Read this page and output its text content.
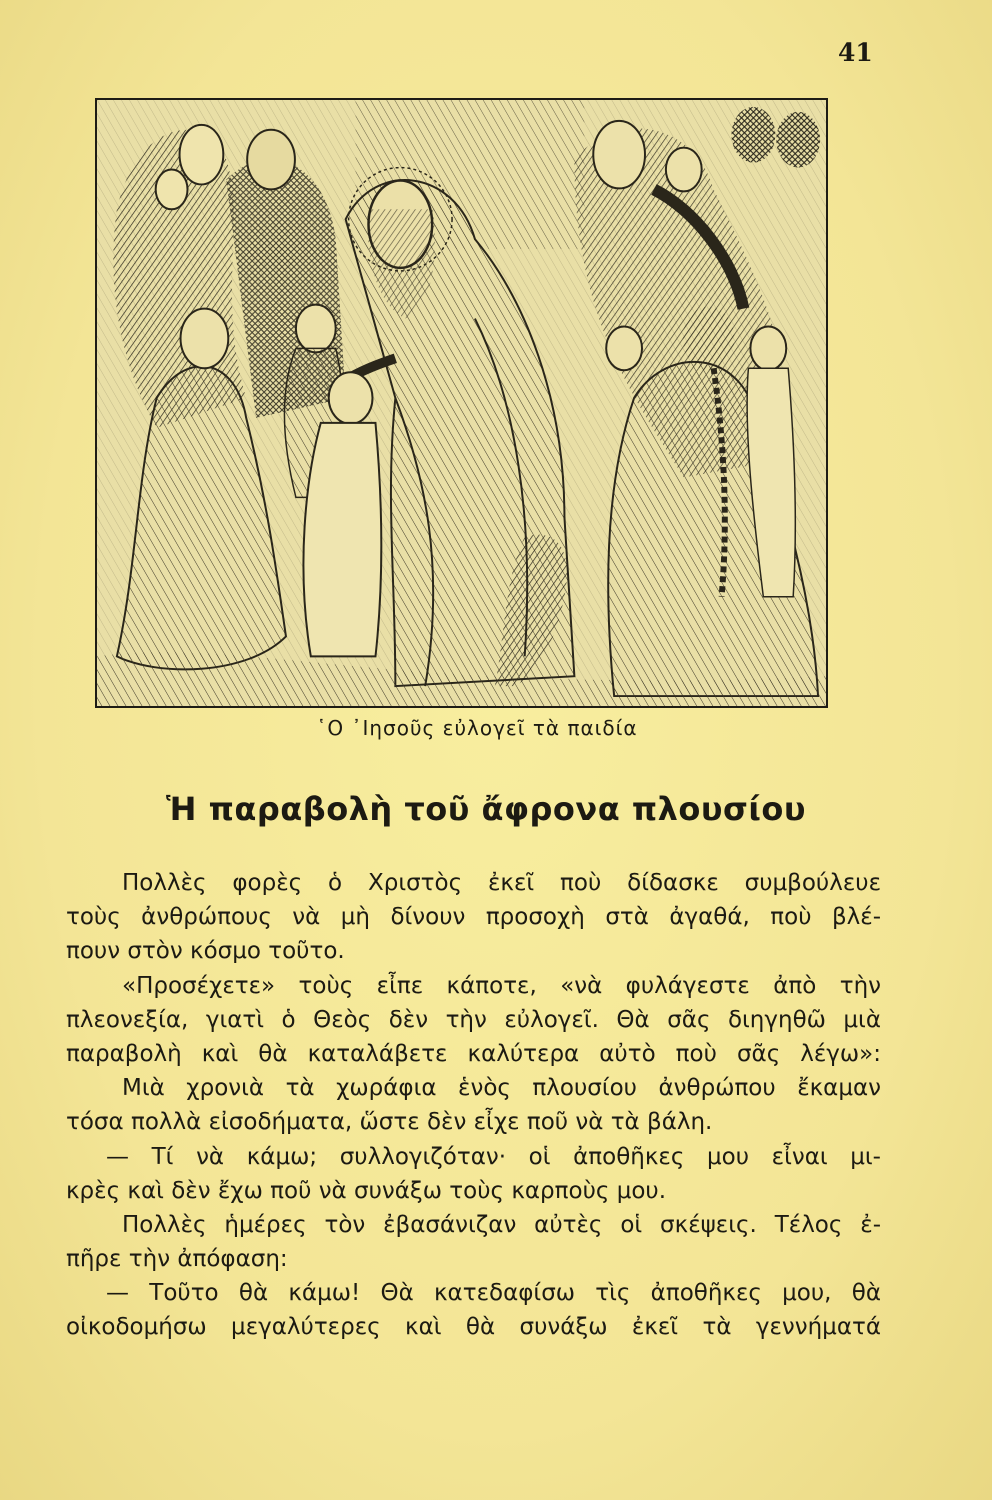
41
῾Ο ᾿Ιησοῦς εὐλογεῖ τὰ παιδία
Ἡ παραβολὴ τοῦ ἄφρονα πλουσίου
Πολλὲς φορὲς ὁ Χριστὸς ἐκεῖ ποὺ δίδασκε συμβούλευε
τοὺς ἀνθρώπους νὰ μὴ δίνουν προσοχὴ στὰ ἀγαθά, ποὺ βλέ-
πουν στὸν κόσμο τοῦτο.
«Προσέχετε» τοὺς εἶπε κάποτε, «νὰ φυλάγεστε ἀπὸ τὴν
πλεονεξία, γιατὶ ὁ Θεὸς δὲν τὴν εὐλογεῖ. Θὰ σᾶς διηγηθῶ μιὰ
παραβολὴ καὶ θὰ καταλάβετε καλύτερα αὐτὸ ποὺ σᾶς λέγω»:
Μιὰ χρονιὰ τὰ χωράφια ἑνὸς πλουσίου ἀνθρώπου ἔκαμαν
τόσα πολλὰ εἰσοδήματα, ὥστε δὲν εἶχε ποῦ νὰ τὰ βάλη.
— Τί νὰ κάμω; συλλογιζόταν· οἱ ἀποθῆκες μου εἶναι μι-
κρὲς καὶ δὲν ἔχω ποῦ νὰ συνάξω τοὺς καρποὺς μου.
Πολλὲς ἡμέρες τὸν ἐβασάνιζαν αὐτὲς οἱ σκέψεις. Τέλος ἐ-
πῆρε τὴν ἀπόφαση:
— Τοῦτο θὰ κάμω! Θὰ κατεδαφίσω τὶς ἀποθῆκες μου, θὰ
οἰκοδομήσω μεγαλύτερες καὶ θὰ συνάξω ἐκεῖ τὰ γεννήματά
